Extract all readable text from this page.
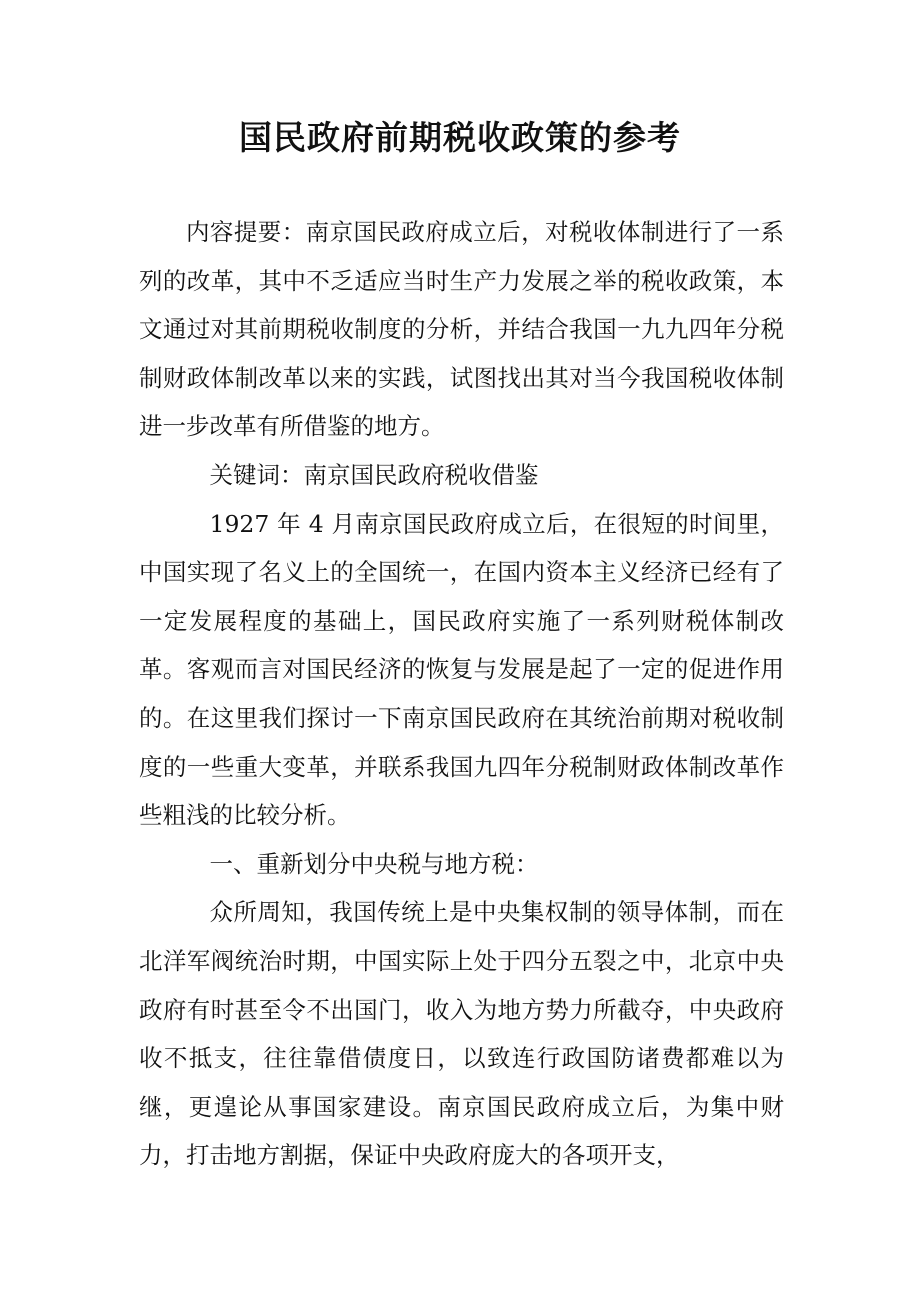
国民政府前期税收政策的参考

内容提要：南京国民政府成立后，对税收体制进行了一系列的改革，其中不乏适应当时生产力发展之举的税收政策，本文通过对其前期税收制度的分析，并结合我国一九九四年分税制财政体制改革以来的实践，试图找出其对当今我国税收体制进一步改革有所借鉴的地方。

关键词：南京国民政府税收借鉴

1927 年 4 月南京国民政府成立后，在很短的时间里，中国实现了名义上的全国统一，在国内资本主义经济已经有了一定发展程度的基础上，国民政府实施了一系列财税体制改革。客观而言对国民经济的恢复与发展是起了一定的促进作用的。在这里我们探讨一下南京国民政府在其统治前期对税收制度的一些重大变革，并联系我国九四年分税制财政体制改革作些粗浅的比较分析。

一、重新划分中央税与地方税：

众所周知，我国传统上是中央集权制的领导体制，而在北洋军阀统治时期，中国实际上处于四分五裂之中，北京中央政府有时甚至令不出国门，收入为地方势力所截夺，中央政府收不抵支，往往靠借债度日，以致连行政国防诸费都难以为继，更遑论从事国家建设。南京国民政府成立后，为集中财力，打击地方割据，保证中央政府庞大的各项开支，
